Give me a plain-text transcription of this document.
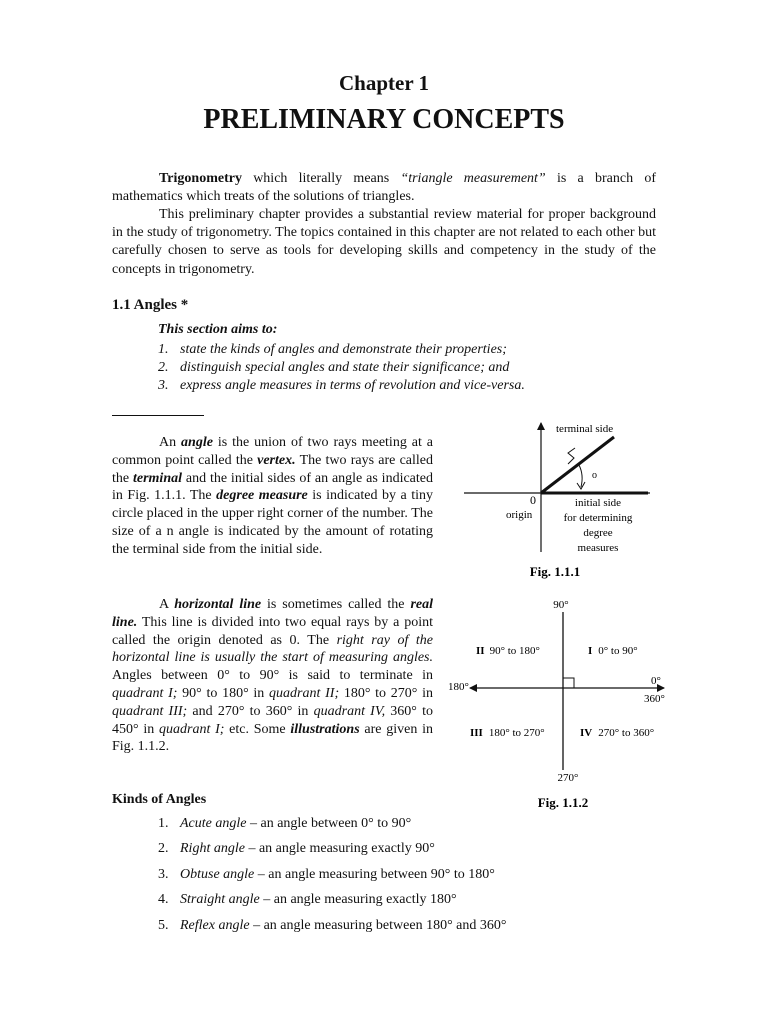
Chapter 1
PRELIMINARY CONCEPTS

Trigonometry which literally means “triangle measurement” is a branch of mathematics which treats of the solutions of triangles.

This preliminary chapter provides a substantial review material for proper background in the study of trigonometry. The topics contained in this chapter are not related to each other but carefully chosen to serve as tools for developing skills and competency in the study of the concepts in trigonometry.

1.1 Angles *
This section aims to:
1. state the kinds of angles and demonstrate their properties;
2. distinguish special angles and state their significance; and
3. express angle measures in terms of revolution and vice-versa.

An angle is the union of two rays meeting at a common point called the vertex. The two rays are called the terminal and the initial sides of an angle as indicated in Fig. 1.1.1. The degree measure is indicated by a tiny circle placed in the upper right corner of the number. The size of a n angle is indicated by the amount of rotating the terminal side from the initial side.

A horizontal line is sometimes called the real line. This line is divided into two equal rays by a point called the origin denoted as 0. The right ray of the horizontal line is usually the start of measuring angles. Angles between 0° to 90° is said to terminate in quadrant I; 90° to 180° in quadrant II; 180° to 270° in quadrant III; and 270° to 360° in quadrant IV, 360° to 450° in quadrant I; etc. Some illustrations are given in Fig. 1.1.2.

terminal side
o
0
origin
initial side
for determining
degree
measures
Fig. 1.1.1
90°
180°	0°
360°
270°
II 90° to 180°	I 0° to 90°
III 180° to 270°	IV 270° to 360°
Fig. 1.1.2
Kinds of Angles
1. Acute angle – an angle between 0° to 90°
2. Right angle – an angle measuring exactly 90°
3. Obtuse angle – an angle measuring between 90° to 180°
4. Straight angle – an angle measuring exactly 180°
5. Reflex angle – an angle measuring between 180° and 360°
